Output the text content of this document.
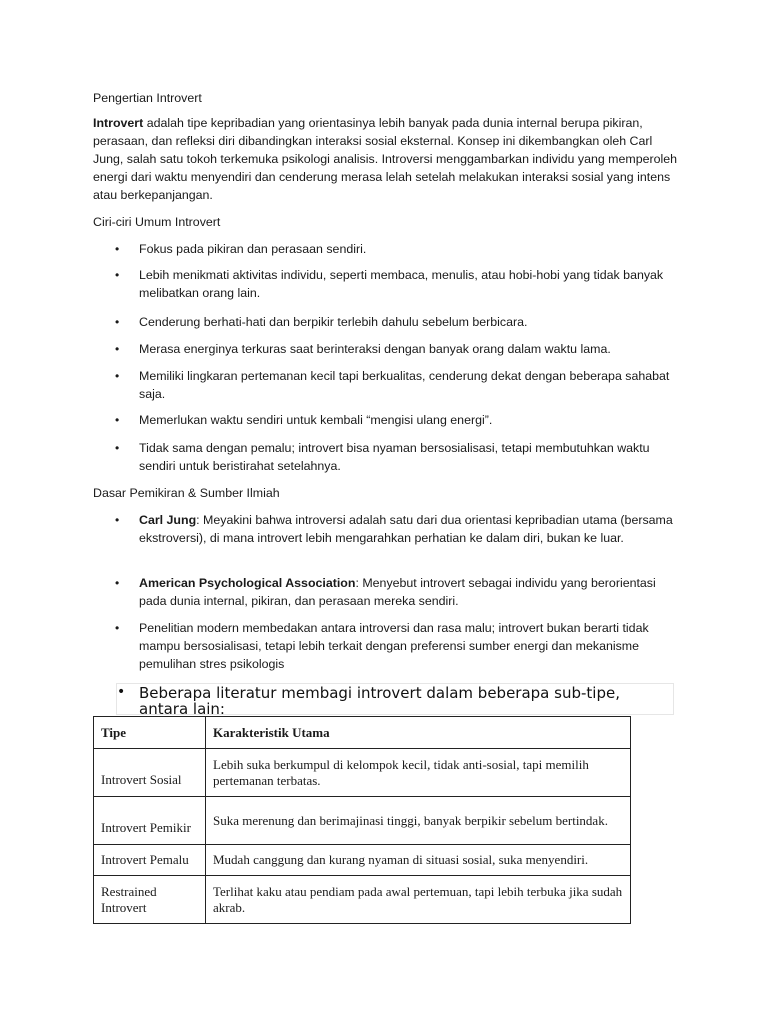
Pengertian Introvert

Introvert adalah tipe kepribadian yang orientasinya lebih banyak pada dunia internal berupa pikiran, perasaan, dan refleksi diri dibandingkan interaksi sosial eksternal. Konsep ini dikembangkan oleh Carl Jung, salah satu tokoh terkemuka psikologi analisis. Introversi menggambarkan individu yang memperoleh energi dari waktu menyendiri dan cenderung merasa lelah setelah melakukan interaksi sosial yang intens atau berkepanjangan.

Ciri-ciri Umum Introvert

• Fokus pada pikiran dan perasaan sendiri.
• Lebih menikmati aktivitas individu, seperti membaca, menulis, atau hobi-hobi yang tidak banyak melibatkan orang lain.
• Cenderung berhati-hati dan berpikir terlebih dahulu sebelum berbicara.
• Merasa energinya terkuras saat berinteraksi dengan banyak orang dalam waktu lama.
• Memiliki lingkaran pertemanan kecil tapi berkualitas, cenderung dekat dengan beberapa sahabat saja.
• Memerlukan waktu sendiri untuk kembali “mengisi ulang energi”.
• Tidak sama dengan pemalu; introvert bisa nyaman bersosialisasi, tetapi membutuhkan waktu sendiri untuk beristirahat setelahnya.

Dasar Pemikiran & Sumber Ilmiah

• Carl Jung: Meyakini bahwa introversi adalah satu dari dua orientasi kepribadian utama (bersama ekstroversi), di mana introvert lebih mengarahkan perhatian ke dalam diri, bukan ke luar.
• American Psychological Association: Menyebut introvert sebagai individu yang berorientasi pada dunia internal, pikiran, dan perasaan mereka sendiri.
• Penelitian modern membedakan antara introversi dan rasa malu; introvert bukan berarti tidak mampu bersosialisasi, tetapi lebih terkait dengan preferensi sumber energi dan mekanisme pemulihan stres psikologis
• Beberapa literatur membagi introvert dalam beberapa sub-tipe, antara lain:
Tipe	Karakteristik Utama
Introvert Sosial	Lebih suka berkumpul di kelompok kecil, tidak anti-sosial, tapi memilih pertemanan terbatas.
Introvert Pemikir	Suka merenung dan berimajinasi tinggi, banyak berpikir sebelum bertindak.
Introvert Pemalu	Mudah canggung dan kurang nyaman di situasi sosial, suka menyendiri.
Restrained Introvert	Terlihat kaku atau pendiam pada awal pertemuan, tapi lebih terbuka jika sudah akrab.
